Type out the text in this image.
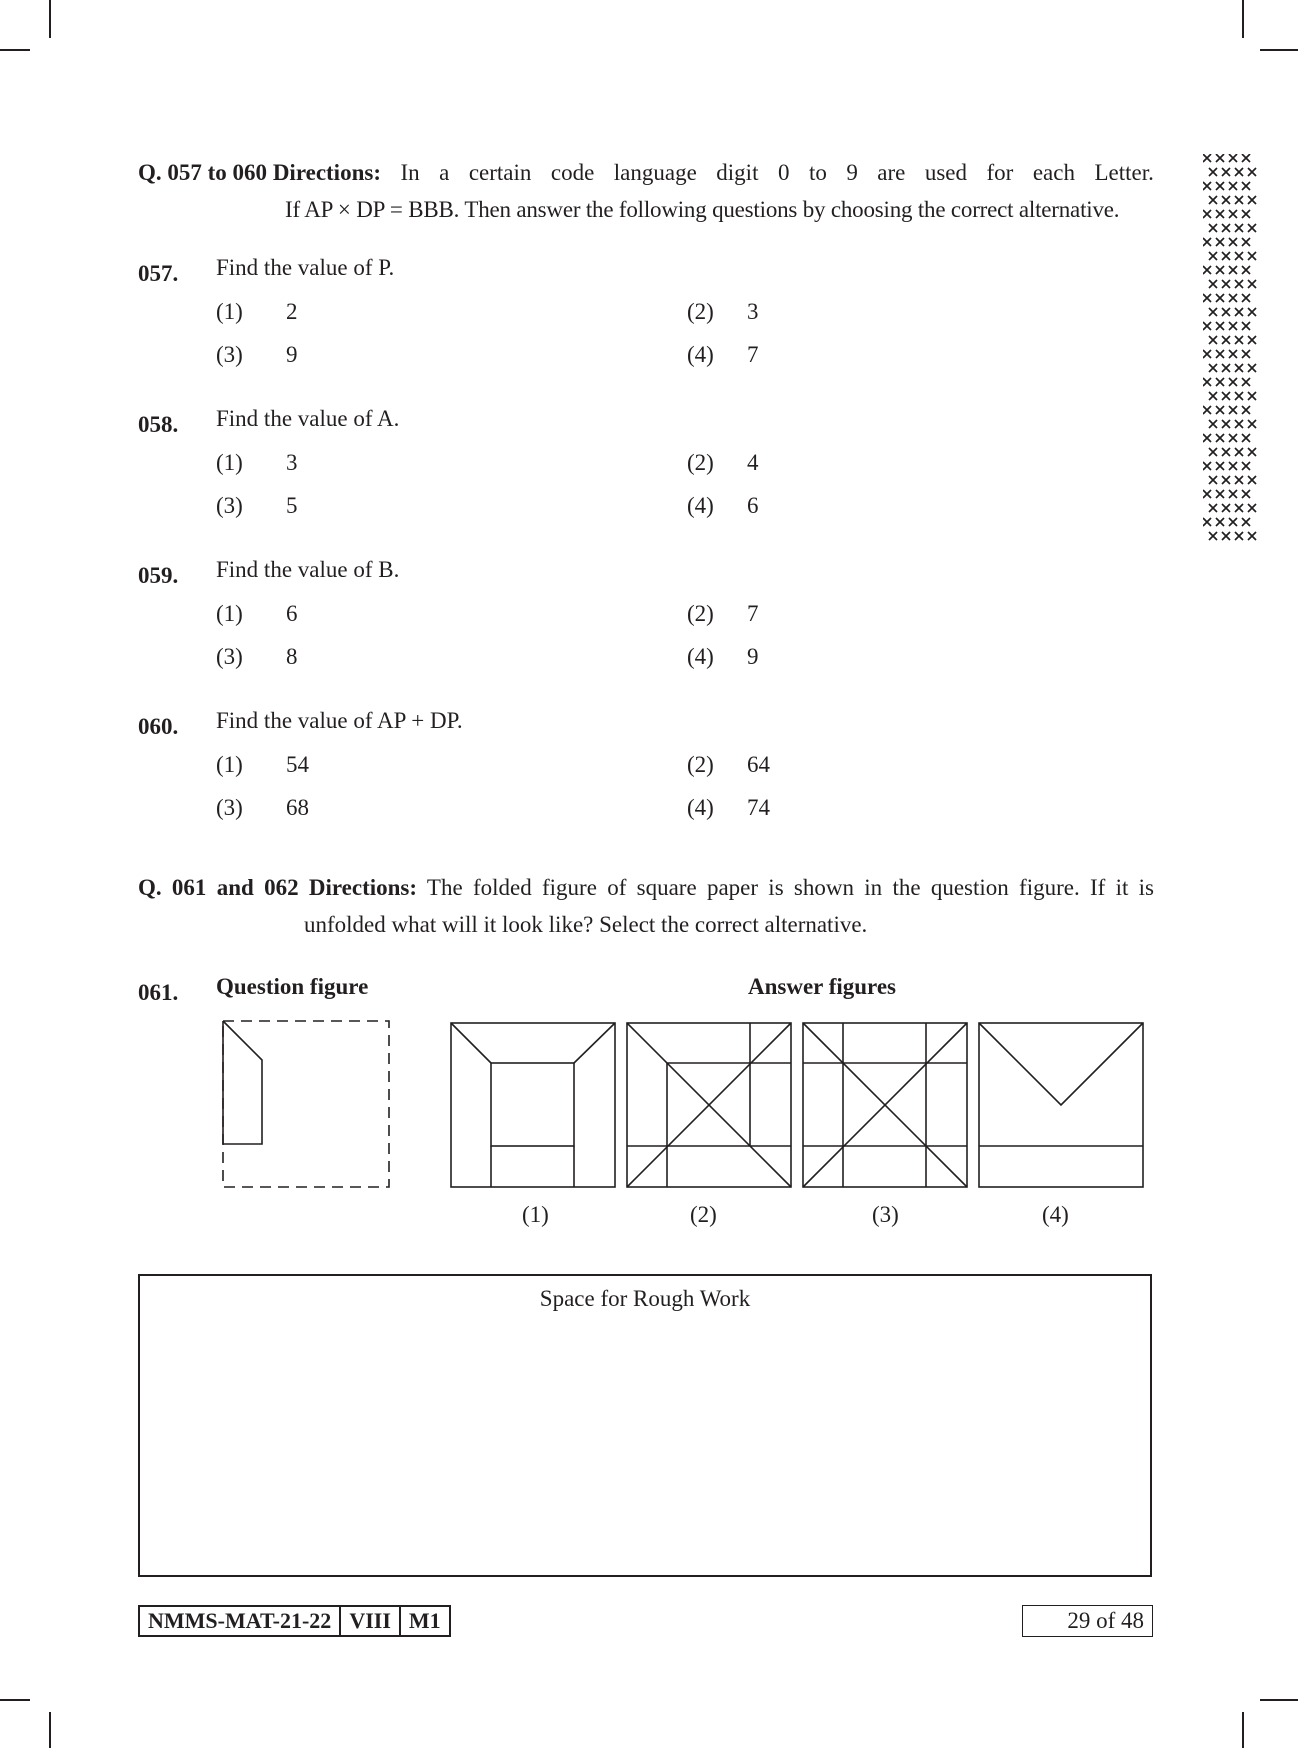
Q. 057 to 060 Directions: In a certain code language digit 0 to 9 are used for each Letter.
If AP × DP = BBB. Then answer the following questions by choosing the correct alternative.
057. Find the value of P.
(1) 2	(2) 3
(3) 9	(4) 7
058. Find the value of A.
(1) 3	(2) 4
(3) 5	(4) 6
059. Find the value of B.
(1) 6	(2) 7
(3) 8	(4) 9
060. Find the value of AP + DP.
(1) 54	(2) 64
(3) 68	(4) 74
Q. 061 and 062 Directions: The folded figure of square paper is shown in the question figure. If it is
unfolded what will it look like? Select the correct alternative.
061. Question figure	Answer figures
(1)	(2)	(3)	(4)
Space for Rough Work
NMMS-MAT-21-22 VIII M1	29 of 48
